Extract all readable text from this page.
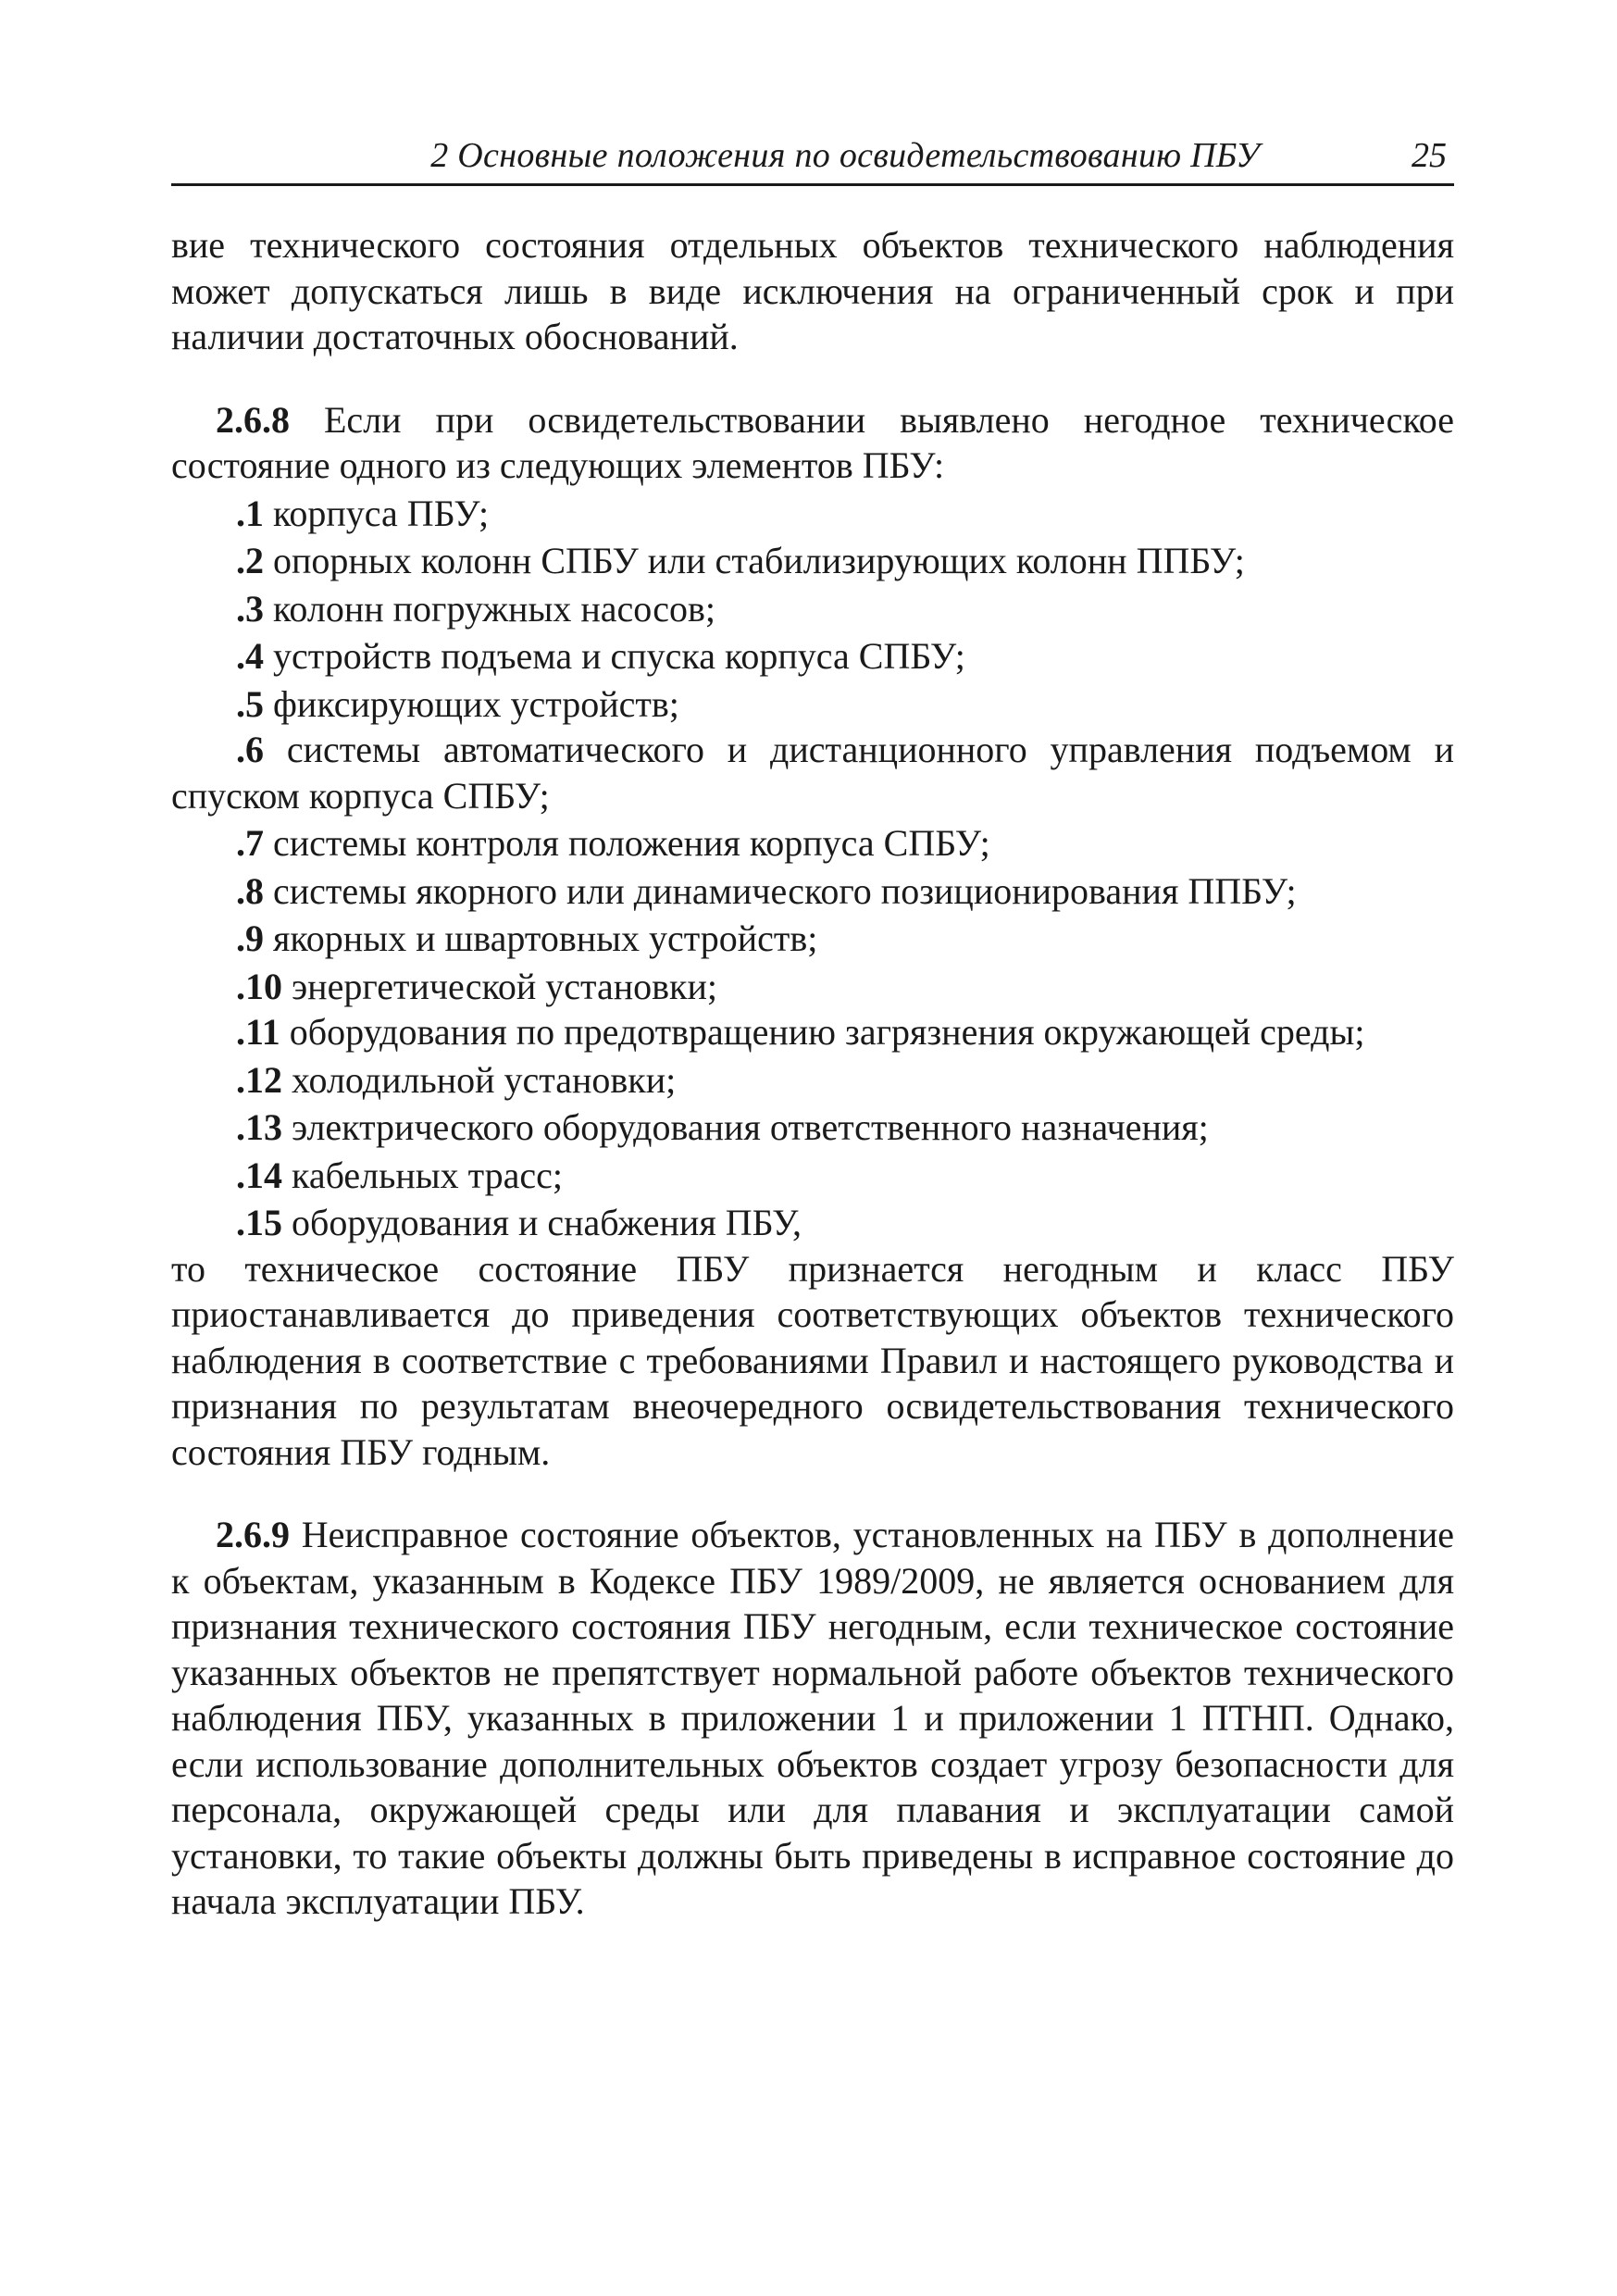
2 Основные положения по освидетельствованию ПБУ	25

вие технического состояния отдельных объектов технического наблюдения может допускаться лишь в виде исключения на ограниченный срок и при наличии достаточных обоснований.

2.6.8 Если при освидетельствовании выявлено негодное техническое состояние одного из следующих элементов ПБУ:

.1 корпуса ПБУ;

.2 опорных колонн СПБУ или стабилизирующих колонн ППБУ;

.3 колонн погружных насосов;

.4 устройств подъема и спуска корпуса СПБУ;

.5 фиксирующих устройств;

.6 системы автоматического и дистанционного управления подъемом и спуском корпуса СПБУ;

.7 системы контроля положения корпуса СПБУ;

.8 системы якорного или динамического позиционирования ППБУ;

.9 якорных и швартовных устройств;

.10 энергетической установки;

.11 оборудования по предотвращению загрязнения окружающей среды;

.12 холодильной установки;

.13 электрического оборудования ответственного назначения;

.14 кабельных трасс;

.15 оборудования и снабжения ПБУ,

то техническое состояние ПБУ признается негодным и класс ПБУ приостанавливается до приведения соответствующих объектов технического наблюдения в соответствие с требованиями Правил и настоящего руководства и признания по результатам внеочередного освидетельствования технического состояния ПБУ годным.

2.6.9 Неисправное состояние объектов, установленных на ПБУ в дополнение к объектам, указанным в Кодексе ПБУ 1989/2009, не является основанием для признания технического состояния ПБУ негодным, если техническое состояние указанных объектов не препятствует нормальной работе объектов технического наблюдения ПБУ, указанных в приложении 1 и приложении 1 ПТНП. Однако, если использование дополнительных объектов создает угрозу безопасности для персонала, окружающей среды или для плавания и эксплуатации самой установки, то такие объекты должны быть приведены в исправное состояние до начала эксплуатации ПБУ.
